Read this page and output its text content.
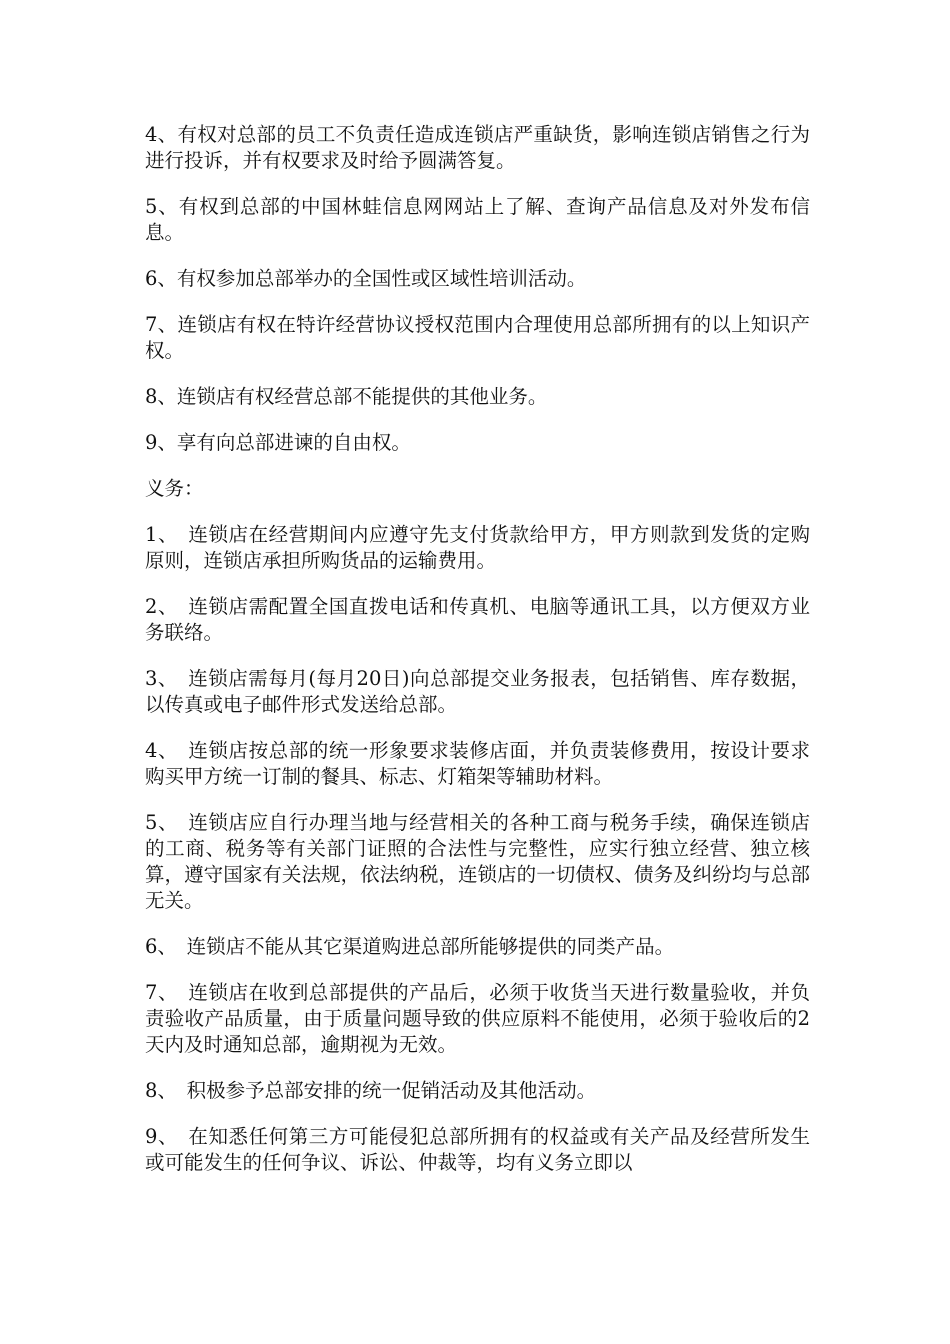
4、有权对总部的员工不负责任造成连锁店严重缺货，影响连锁店销售之行为进行投诉，并有权要求及时给予圆满答复。

5、有权到总部的中国林蛙信息网网站上了解、查询产品信息及对外发布信息。

6、有权参加总部举办的全国性或区域性培训活动。

7、连锁店有权在特许经营协议授权范围内合理使用总部所拥有的以上知识产权。

8、连锁店有权经营总部不能提供的其他业务。

9、享有向总部进谏的自由权。

义务：

1、　连锁店在经营期间内应遵守先支付货款给甲方，甲方则款到发货的定购原则，连锁店承担所购货品的运输费用。

2、　连锁店需配置全国直拨电话和传真机、电脑等通讯工具，以方便双方业务联络。

3、　连锁店需每月(每月20日)向总部提交业务报表，包括销售、库存数据，以传真或电子邮件形式发送给总部。

4、　连锁店按总部的统一形象要求装修店面，并负责装修费用，按设计要求购买甲方统一订制的餐具、标志、灯箱架等辅助材料。

5、　连锁店应自行办理当地与经营相关的各种工商与税务手续，确保连锁店的工商、税务等有关部门证照的合法性与完整性，应实行独立经营、独立核算，遵守国家有关法规，依法纳税，连锁店的一切债权、债务及纠纷均与总部无关。

6、　连锁店不能从其它渠道购进总部所能够提供的同类产品。

7、　连锁店在收到总部提供的产品后，必须于收货当天进行数量验收，并负责验收产品质量，由于质量问题导致的供应原料不能使用，必须于验收后的2天内及时通知总部，逾期视为无效。

8、　积极参予总部安排的统一促销活动及其他活动。

9、　在知悉任何第三方可能侵犯总部所拥有的权益或有关产品及经营所发生或可能发生的任何争议、诉讼、仲裁等，均有义务立即以
